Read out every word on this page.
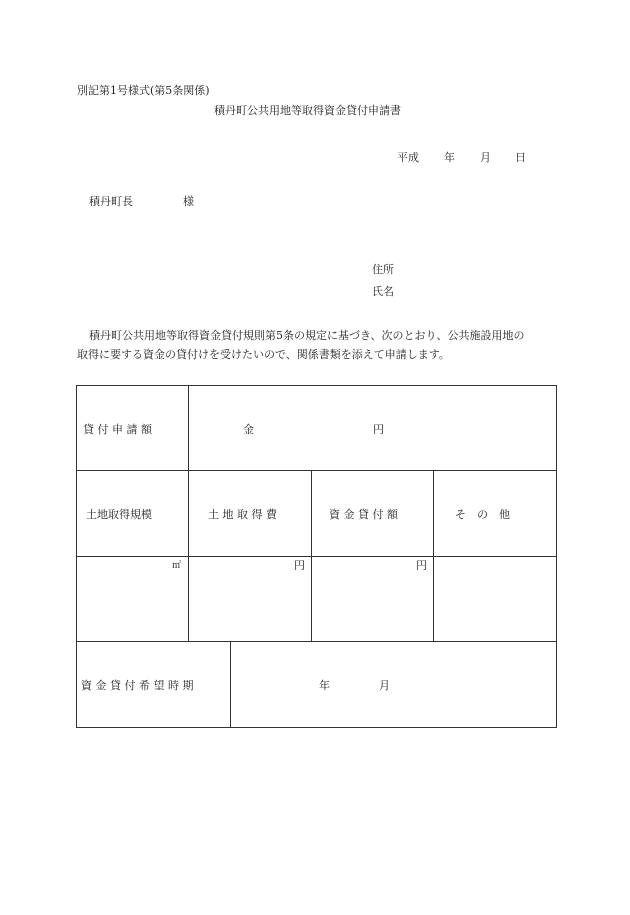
別記第1号様式(第5条関係)
積丹町公共用地等取得資金貸付申請書
平成 年 月 日
積丹町長	様
住所
氏名
積丹町公共用地等取得資金貸付規則第5条の規定に基づき、次のとおり、公共施設用地の
取得に要する資金の貸付けを受けたいので、関係書類を添えて申請します。
貸 付 申 請 額	金	円
土地取得規模	土 地 取 得 費	資 金 貸 付 額	そ　の　他
㎡	円	円
資 金 貸 付 希 望 時 期	年	月
